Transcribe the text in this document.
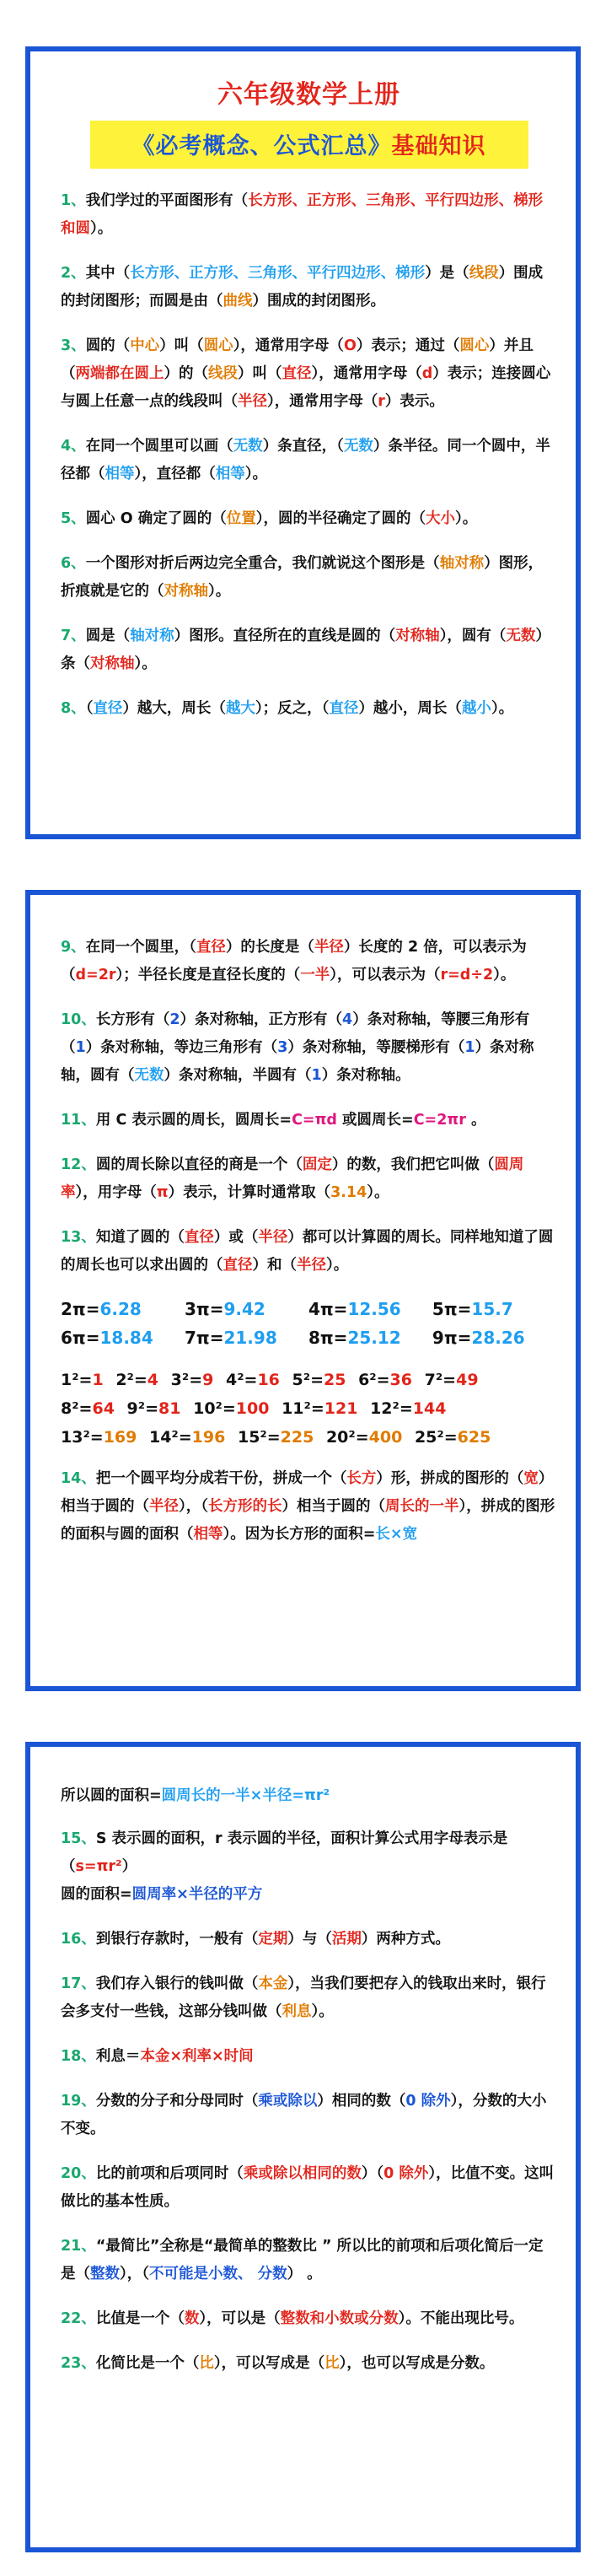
六年级数学上册
《必考概念、公式汇总》基础知识
1、我们学过的平面图形有（长方形、正方形、三角形、平行四边形、梯形和圆）。
2、其中（长方形、正方形、三角形、平行四边形、梯形）是（线段）围成的封闭图形；而圆是由（曲线）围成的封闭图形。
3、圆的（中心）叫（圆心），通常用字母（O）表示；通过（圆心）并且（两端都在圆上）的（线段）叫（直径），通常用字母（d）表示；连接圆心与圆上任意一点的线段叫（半径），通常用字母（r）表示。
4、在同一个圆里可以画（无数）条直径，（无数）条半径。同一个圆中，半径都（相等），直径都（相等）。
5、圆心 O 确定了圆的（位置），圆的半径确定了圆的（大小）。
6、一个图形对折后两边完全重合，我们就说这个图形是（轴对称）图形，折痕就是它的（对称轴）。
7、圆是（轴对称）图形。直径所在的直线是圆的（对称轴），圆有（无数）条（对称轴）。
8、（直径）越大，周长（越大）；反之，（直径）越小，周长（越小）。
9、在同一个圆里，（直径）的长度是（半径）长度的 2 倍，可以表示为（d=2r）；半径长度是直径长度的（一半），可以表示为（r=d÷2）。
10、长方形有（2）条对称轴，正方形有（4）条对称轴，等腰三角形有（1）条对称轴，等边三角形有（3）条对称轴，等腰梯形有（1）条对称轴，圆有（无数）条对称轴，半圆有（1）条对称轴。
11、用 C 表示圆的周长，圆周长=C=πd 或圆周长=C=2πr 。
12、圆的周长除以直径的商是一个（固定）的数，我们把它叫做（圆周率），用字母（π）表示，计算时通常取（3.14）。
13、知道了圆的（直径）或（半径）都可以计算圆的周长。同样地知道了圆的周长也可以求出圆的（直径）和（半径）。
2π=6.28	3π=9.42	4π=12.56 5π=15.7
6π=18.84 7π=21.98 8π=25.12 9π=28.26
1²=1 2²=4 3²=9 4²=16 5²=25 6²=36 7²=49
8²=64 9²=81 10²=100 11²=121 12²=144
13²=169 14²=196 15²=225 20²=400 25²=625
14、把一个圆平均分成若干份，拼成一个（长方）形，拼成的图形的（宽）相当于圆的（半径），（长方形的长）相当于圆的（周长的一半），拼成的图形的面积与圆的面积（相等）。因为长方形的面积=长×宽
所以圆的面积=圆周长的一半×半径=πr²
15、S 表示圆的面积，r 表示圆的半径，面积计算公式用字母表示是（s=πr²）
圆的面积=圆周率×半径的平方
16、到银行存款时，一般有（定期）与（活期）两种方式。
17、我们存入银行的钱叫做（本金），当我们要把存入的钱取出来时，银行会多支付一些钱，这部分钱叫做（利息）。
18、利息＝本金×利率×时间
19、分数的分子和分母同时（乘或除以）相同的数（0 除外），分数的大小不变。
20、比的前项和后项同时（乘或除以相同的数）（0 除外），比值不变。这叫做比的基本性质。
21、“最简比”全称是“最简单的整数比 ” 所以比的前项和后项化简后一定是（整数），（不可能是小数、 分数） 。
22、比值是一个（数），可以是（整数和小数或分数）。不能出现比号。
23、化简比是一个（比），可以写成是（比），也可以写成是分数。
